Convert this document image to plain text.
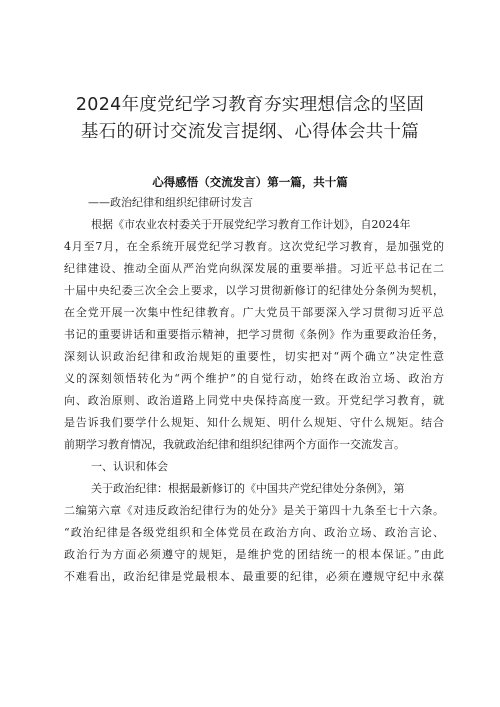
2024年度党纪学习教育夯实理想信念的坚固
基石的研讨交流发言提纲、心得体会共十篇
心得感悟（交流发言）第一篇，共十篇
——政治纪律和组织纪律研讨发言
根据《市农业农村委关于开展党纪学习教育工作计划》，自2024年
4月至7月，在全系统开展党纪学习教育。这次党纪学习教育，是加强党的
纪律建设、推动全面从严治党向纵深发展的重要举措。习近平总书记在二
十届中央纪委三次全会上要求，以学习贯彻新修订的纪律处分条例为契机，
在全党开展一次集中性纪律教育。广大党员干部要深入学习贯彻习近平总
书记的重要讲话和重要指示精神，把学习贯彻《条例》作为重要政治任务，
深刻认识政治纪律和政治规矩的重要性，切实把对“两个确立”决定性意
义的深刻领悟转化为“两个维护”的自觉行动，始终在政治立场、政治方
向、政治原则、政治道路上同党中央保持高度一致。开党纪学习教育，就
是告诉我们要学什么规矩、知什么规矩、明什么规矩、守什么规矩。结合
前期学习教育情况，我就政治纪律和组织纪律两个方面作一交流发言。
一、认识和体会
关于政治纪律：根据最新修订的《中国共产党纪律处分条例》，第
二编第六章《对违反政治纪律行为的处分》是关于第四十九条至七十六条。
“政治纪律是各级党组织和全体党员在政治方向、政治立场、政治言论、
政治行为方面必须遵守的规矩，是维护党的团结统一的根本保证。”由此
不难看出，政治纪律是党最根本、最重要的纪律，必须在遵规守纪中永葆
